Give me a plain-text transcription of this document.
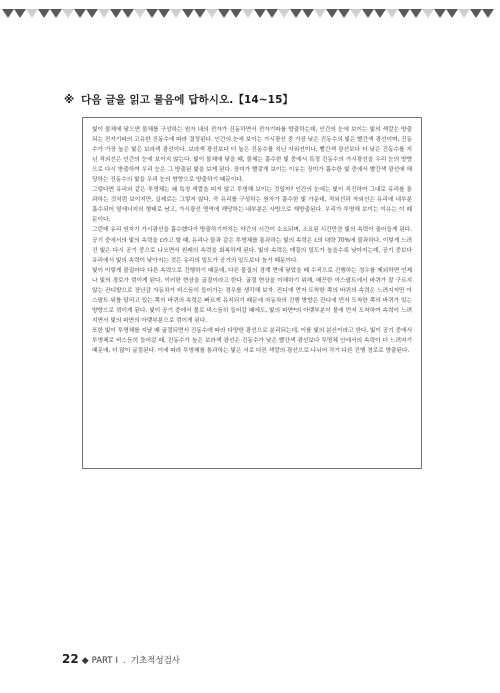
※ 다음 글을 읽고 물음에 답하시오.【14~15】

빛이 물체에 닿으면 물체를 구성하는 원자 내의 전자가 진동하면서 전자기파를 방출하는데, 인간의 눈에 보이는 빛의 색깔은 방출되는 전자기파의 고유한 진동수에 따라 결정된다. 인간의 눈에 보이는 가시광선 중 가장 낮은 진동수의 빛은 빨간색 광선이며, 진동수가 가장 높은 빛은 보라색 광선이다. 보라색 광선보다 더 높은 진동수를 지닌 자외선이나, 빨간색 광선보다 더 낮은 진동수를 지닌 적외선은 인간의 눈에 보이지 않는다. 빛이 물체에 닿을 때, 물체는 흡수한 빛 중에서 특정 진동수의 가시광선을 우리 눈의 방향으로 다시 방출하여 우리 눈은 그 방출된 빛을 보게 된다. 장미가 빨갛게 보이는 이유는 장미가 흡수한 빛 중에서 빨간색 광선에 해당하는 진동수의 빛을 우리 눈의 방향으로 방출하기 때문이다.

그렇다면 유리와 같은 투명체는 왜 특정 색깔을 띠지 않고 투명해 보이는 것일까? 인간의 눈에는 빛이 직진하여 그대로 유리를 통과하는 것처럼 보이지만, 실제로는 그렇지 않다. 즉 유리를 구성하는 원자가 흡수한 빛 가운데, 적외선과 자외선은 유리에 내부분 흡수되어 열에너지의 형태로 남고, 가시광선 영역에 해당하는 내부분은 사방으로 재방출된다. 우리가 투명해 보이는 이유는 이 때문이다.

그런데 유리 원자가 가시광선을 흡수했다가 방출하기까지는 약간의 시간이 소요되며, 소요된 시간만큼 빛의 속력이 줄어들게 된다. 공기 중에서의 빛의 속력을 c라고 할 때, 유리나 물과 같은 투명체를 통과하는 빛의 속력은 c의 대략 70%에 불과하다. 이렇게 느려진 빛은 다시 공기 중으로 나오면서 원래의 속력을 회복하게 된다. 빛의 속력은 매질의 밀도가 높을수록 낮아지는데, 공기 중보다 유리에서 빛의 속력이 낮아지는 것은 유리의 밀도가 공기의 밀도보다 높기 때문이다.

빛이 이렇게 물질마다 다른 속력으로 진행하기 때문에, 다른 물질의 경계 면에 닿았을 때 수직으로 진행하는 경우를 제외하면 언제나 빛의 경로가 꺾이게 된다. 이러한 현상을 굴절이라고 한다. 굴절 현상을 이해하기 위해, 매끈한 아스팔트에서 바퀴가 잘 구르지 않는 잔디밭으로 장난감 자동차가 비스듬히 들어가는 경우를 생각해 보자. 잔디에 먼저 도착한 쪽의 바퀴의 속력은 느려지지만 아스팔트 위를 달리고 있는 쪽의 바퀴의 속력은 빠르게 유지되기 때문에 자동차의 진행 방향은 잔디에 먼저 도착한 쪽의 바퀴가 있는 방향으로 꺾이게 된다. 빛이 공기 중에서 물로 비스듬히 들어갈 때에도, 빛의 파면*의 아랫부분이 물에 먼저 도착하여 속력이 느려지면서 빛의 파면의 아랫부분으로 꺾이게 된다.

또한 빛이 투명체를 지날 때 굴절되면서 진동수에 따라 다양한 광선으로 분리되는데, 이를 빛의 분산이라고 한다. 빛이 공기 중에서 투명체로 비스듬히 들어갈 때, 진동수가 높은 보라색 광선은 진동수가 낮은 빨간색 광선보다 투명체 안에서의 속력이 더 느려지기 때문에, 더 많이 굴절된다. 이에 따라 투명체를 통과하는 빛은 서로 다른 색깔의 광선으로 나뉘어 각기 다른 진행 경로로 방출된다.

22 ◆ PART Ⅰ . 기초적성검사
